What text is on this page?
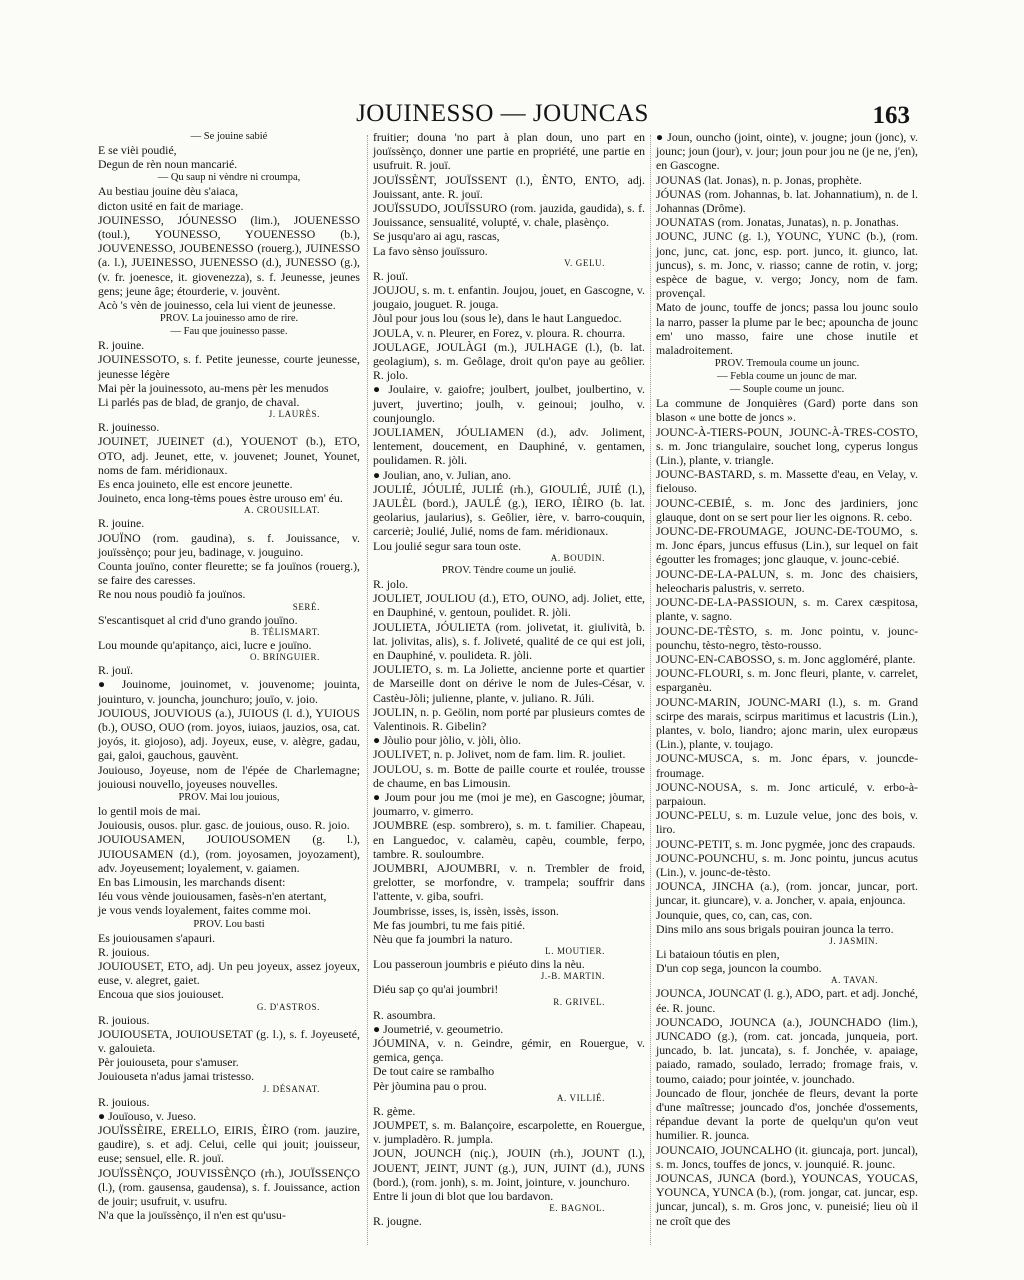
JOUINESSO — JOUNCAS	163

— Se jouine sabié

E se vièi poudié,

Degun de rèn noun mancarié.

— Qu saup ni vèndre ni croumpa,

Au bestiau jouine dèu s'aiaca,

dicton usité en fait de mariage.

JOUINESSO, JÓUNESSO (lim.), JOUENESSO (toul.), YOUNESSO, YOUENESSO (b.), JOUVENESSO, JOUBENESSO (rouerg.), JUINESSO (a. l.), JUEINESSO, JUENESSO (d.), JUNESSO (g.), (v. fr. joenesce, it. giovenezza), s. f. Jeunesse, jeunes gens; jeune âge; étourderie, v. jouvènt.

Acò 's vèn de jouinesso, cela lui vient de jeunesse.

PROV. La jouinesso amo de rire.

— Fau que jouinesso passe.

R. jouine.

JOUINESSOTO, s. f. Petite jeunesse, courte jeunesse, jeunesse légère

Mai pèr la jouinessoto, au-mens pèr les menudos

Li parlés pas de blad, de granjo, de chaval.

J. LAURÈS.

R. jouinesso.

JOUINET, JUEINET (d.), YOUENOT (b.), ETO, OTO, adj. Jeunet, ette, v. jouvenet; Jounet, Younet, noms de fam. méridionaux.

Es enca jouineto, elle est encore jeunette.

Jouineto, enca long-tèms poues èstre urouso em' éu.

A. CROUSILLAT.

R. jouine.

JOUÏNO (rom. gaudina), s. f. Jouissance, v. jouïssènço; pour jeu, badinage, v. jouguino.

Counta jouïno, conter fleurette; se fa jouïnos (rouerg.), se faire des caresses.

Re nou nous poudiò fa jouïnos.

SERÉ.

S'escantisquet al crid d'uno grando jouïno.

B. TÉLISMART.

Lou mounde qu'apitanço, aici, lucre e jouïno.

O. BRINGUIER.

R. jouï.

● Jouinome, jouinomet, v. jouvenome; jouinta, jouinturo, v. jouncha, jounchuro; jouïo, v. joio.

JOUIOUS, JOUVIOUS (a.), JUIOUS (l. d.), YUIOUS (b.), OUSO, OUO (rom. joyos, iuiaos, jauzios, osa, cat. joyós, it. giojoso), adj. Joyeux, euse, v. alègre, gadau, gai, galoi, gauchous, gauvènt.

Jouiouso, Joyeuse, nom de l'épée de Charlemagne; jouiousi nouvello, joyeuses nouvelles.

PROV. Mai lou jouious,

lo gentil mois de mai.

Jouiousis, ousos. plur. gasc. de jouious, ouso. R. joio.

JOUIOUSAMEN, JOUIOUSOMEN (g. l.), JUIOUSAMEN (d.), (rom. joyosamen, joyozament), adv. Joyeusement; loyalement, v. gaiamen.

En bas Limousin, les marchands disent:

Iéu vous vènde jouiousamen, fasès-n'en atertant,

je vous vends loyalement, faites comme moi.

PROV. Lou basti

Es jouiousamen s'apauri.

R. jouious.

JOUIOUSET, ETO, adj. Un peu joyeux, assez joyeux, euse, v. alegret, gaiet.

Encoua que sios jouiouset.

G. D'ASTROS.

R. jouious.

JOUIOUSETA, JOUIOUSETAT (g. l.), s. f. Joyeuseté, v. galouieta.

Pèr jouiouseta, pour s'amuser.

Jouiouseta n'adus jamai tristesso.

J. DÉSANAT.

R. jouious.

● Jouïouso, v. Jueso.

JOUÏSSÈIRE, ERELLO, EIRIS, ÈIRO (rom. jauzire, gaudire), s. et adj. Celui, celle qui jouit; jouisseur, euse; sensuel, elle. R. jouï.

JOUÏSSÈNÇO, JOUVISSÈNÇO (rh.), JOUÏSSENÇO (l.), (rom. gausensa, gaudensa), s. f. Jouissance, action de jouir; usufruit, v. usufru.

N'a que la jouïssènço, il n'en est qu'usu-

fruitier; douna 'no part à plan doun, uno part en jouïssènço, donner une partie en propriété, une partie en usufruit. R. jouï.

JOUÏSSÈNT, JOUÏSSENT (l.), ÈNTO, ENTO, adj. Jouissant, ante. R. jouï.

JOUÏSSUDO, JOUÏSSURO (rom. jauzida, gaudida), s. f. Jouissance, sensualité, volupté, v. chale, plasènço.

Se jusqu'aro ai agu, rascas,

La favo sènso jouïssuro.

V. GELU.

R. jouï.

JOUJOU, s. m. t. enfantin. Joujou, jouet, en Gascogne, v. jougaio, jouguet. R. jouga.

Jòul pour jous lou (sous le), dans le haut Languedoc.

JOULA, v. n. Pleurer, en Forez, v. ploura. R. chourra.

JOULAGE, JOULÀGI (m.), JULHAGE (l.), (b. lat. geolagium), s. m. Geôlage, droit qu'on paye au geôlier. R. jolo.

● Joulaire, v. gaiofre; joulbert, joulbet, joulbertino, v. juvert, juvertino; joulh, v. geinoui; joulho, v. counjounglo.

JOULIAMEN, JÓULIAMEN (d.), adv. Joliment, lentement, doucement, en Dauphiné, v. gentamen, poulidamen. R. jòli.

● Joulian, ano, v. Julian, ano.

JOULIÉ, JÓULIÉ, JULIÉ (rh.), GIOULIÉ, JUIÉ (l.), JAULÈL (bord.), JAULÉ (g.), IERO, IÈIRO (b. lat. geolarius, jaularius), s. Geôlier, ière, v. barro-couquin, carceriè; Joulié, Julié, noms de fam. méridionaux.

Lou joulié segur sara toun oste.

A. BOUDIN.

PROV. Tèndre coume un joulié.

R. jolo.

JOULIET, JOULIOU (d.), ETO, OUNO, adj. Joliet, ette, en Dauphiné, v. gentoun, poulidet. R. jòli.

JOULIETA, JÓULIETA (rom. jolivetat, it. giulività, b. lat. jolivitas, alis), s. f. Joliveté, qualité de ce qui est joli, en Dauphiné, v. poulideta. R. jòli.

JOULIETO, s. m. La Joliette, ancienne porte et quartier de Marseille dont on dérive le nom de Jules-César, v. Castèu-Jòli; julienne, plante, v. juliano. R. Júli.

JOULIN, n. p. Geölin, nom porté par plusieurs comtes de Valentinois. R. Gibelin?

● Jòulio pour jòlio, v. jòli, òlio.

JOULIVET, n. p. Jolivet, nom de fam. lim. R. jouliet.

JOULOU, s. m. Botte de paille courte et roulée, trousse de chaume, en bas Limousin.

● Joum pour jou me (moi je me), en Gascogne; jòumar, joumarro, v. gimerro.

JOUMBRE (esp. sombrero), s. m. t. familier. Chapeau, en Languedoc, v. calamèu, capèu, coumble, ferpo, tambre. R. souloumbre.

JOUMBRI, AJOUMBRI, v. n. Trembler de froid, grelotter, se morfondre, v. trampela; souffrir dans l'attente, v. giba, soufri.

Joumbrisse, isses, is, issèn, issès, isson.

Me fas joumbri, tu me fais pitié.

Nèu que fa joumbri la naturo.

L. MOUTIER.

Lou passeroun joumbris e piéuto dins la nèu.

J.-B. MARTIN.

Diéu sap ço qu'ai joumbri!

R. GRIVEL.

R. asoumbra.

● Joumetrié, v. geoumetrio.

JÓUMINA, v. n. Geindre, gémir, en Rouergue, v. gemica, gença.

De tout caire se rambalho

Pèr jòumina pau o prou.

A. VILLIÉ.

R. gème.

JOUMPET, s. m. Balançoire, escarpolette, en Rouergue, v. jumpladèro. R. jumpla.

JOUN, JOUNCH (niç.), JOUIN (rh.), JOUNT (l.), JOUENT, JEINT, JUNT (g.), JUN, JUINT (d.), JUNS (bord.), (rom. jonh), s. m. Joint, jointure, v. jounchuro.

Entre li joun di blot que lou bardavon.

E. BAGNOL.

R. jougne.

● Joun, ouncho (joint, ointe), v. jougne; joun (jonc), v. jounc; joun (jour), v. jour; joun pour jou ne (je ne, j'en), en Gascogne.

JOUNAS (lat. Jonas), n. p. Jonas, prophète.

JÓUNAS (rom. Johannas, b. lat. Johannatium), n. de l. Johannas (Drôme).

JOUNATAS (rom. Jonatas, Junatas), n. p. Jonathas.

JOUNC, JUNC (g. l.), YOUNC, YUNC (b.), (rom. jonc, junc, cat. jonc, esp. port. junco, it. giunco, lat. juncus), s. m. Jonc, v. riasso; canne de rotin, v. jorg; espèce de bague, v. vergo; Joncy, nom de fam. provençal.

Mato de jounc, touffe de joncs; passa lou jounc soulo la narro, passer la plume par le bec; apouncha de jounc em' uno masso, faire une chose inutile et maladroitement.

PROV. Tremoula coume un jounc.

— Febla coume un jounc de mar.

— Souple coume un jounc.

La commune de Jonquières (Gard) porte dans son blason « une botte de joncs ».

JOUNC-À-TIERS-POUN, JOUNC-À-TRES-COSTO, s. m. Jonc triangulaire, souchet long, cyperus longus (Lin.), plante, v. triangle.

JOUNC-BASTARD, s. m. Massette d'eau, en Velay, v. fielouso.

JOUNC-CEBIÉ, s. m. Jonc des jardiniers, jonc glauque, dont on se sert pour lier les oignons. R. cebo.

JOUNC-DE-FROUMAGE, JOUNC-DE-TOUMO, s. m. Jonc épars, juncus effusus (Lin.), sur lequel on fait égoutter les fromages; jonc glauque, v. jounc-cebié.

JOUNC-DE-LA-PALUN, s. m. Jonc des chaisiers, heleocharis palustris, v. serreto.

JOUNC-DE-LA-PASSIOUN, s. m. Carex cæspitosa, plante, v. sagno.

JOUNC-DE-TÈSTO, s. m. Jonc pointu, v. jounc-pounchu, tèsto-negro, tèsto-rousso.

JOUNC-EN-CABOSSO, s. m. Jonc aggloméré, plante.

JOUNC-FLOURI, s. m. Jonc fleuri, plante, v. carrelet, esparganèu.

JOUNC-MARIN, JOUNC-MARI (l.), s. m. Grand scirpe des marais, scirpus maritimus et lacustris (Lin.), plantes, v. bolo, liandro; ajonc marin, ulex europæus (Lin.), plante, v. toujago.

JOUNC-MUSCA, s. m. Jonc épars, v. jouncde-froumage.

JOUNC-NOUSA, s. m. Jonc articulé, v. erbo-à-parpaioun.

JOUNC-PELU, s. m. Luzule velue, jonc des bois, v. liro.

JOUNC-PETIT, s. m. Jonc pygmée, jonc des crapauds.

JOUNC-POUNCHU, s. m. Jonc pointu, juncus acutus (Lin.), v. jounc-de-tèsto.

JOUNCA, JINCHA (a.), (rom. joncar, juncar, port. juncar, it. giuncare), v. a. Joncher, v. apaia, enjounca.

Jounquie, ques, co, can, cas, con.

Dins milo ans sous brigals pouiran jounca la terro.

J. JASMIN.

Li bataioun tóutis en plen,

D'un cop sega, jouncon la coumbo.

A. TAVAN.

JOUNCA, JOUNCAT (l. g.), ADO, part. et adj. Jonché, ée. R. jounc.

JOUNCADO, JOUNCA (a.), JOUNCHADO (lim.), JUNCADO (g.), (rom. cat. joncada, junqueia, port. juncado, b. lat. juncata), s. f. Jonchée, v. apaiage, paiado, ramado, soulado, lerrado; fromage frais, v. toumo, caiado; pour jointée, v. jounchado.

Jouncado de flour, jonchée de fleurs, devant la porte d'une maîtresse; jouncado d'os, jonchée d'ossements, répandue devant la porte de quelqu'un qu'on veut humilier. R. jounca.

JOUNCAIO, JOUNCALHO (it. giuncaja, port. juncal), s. m. Joncs, touffes de joncs, v. jounquié. R. jounc.

JOUNCAS, JUNCA (bord.), YOUNCAS, YOUCAS, YOUNCA, YUNCA (b.), (rom. jongar, cat. juncar, esp. juncar, juncal), s. m. Gros jonc, v. puneisié; lieu où il ne croît que des
